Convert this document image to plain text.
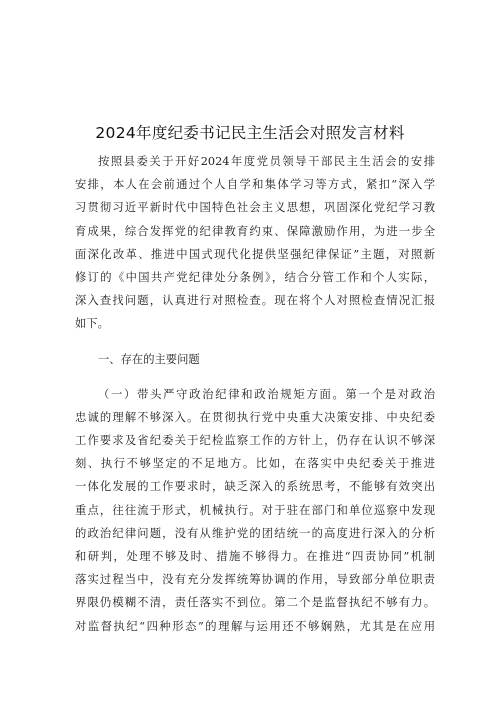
2024年度纪委书记民主生活会对照发言材料
按照县委关于开好2024年度党员领导干部民主生活会的安排
安排，本人在会前通过个人自学和集体学习等方式，紧扣“深入学
习贯彻习近平新时代中国特色社会主义思想，巩固深化党纪学习教
育成果，综合发挥党的纪律教育约束、保障激励作用，为进一步全
面深化改革、推进中国式现代化提供坚强纪律保证”主题，对照新
修订的《中国共产党纪律处分条例》，结合分管工作和个人实际，
深入查找问题，认真进行对照检查。现在将个人对照检查情况汇报
如下。
一、存在的主要问题
（一）带头严守政治纪律和政治规矩方面。第一个是对政治
忠诚的理解不够深入。在贯彻执行党中央重大决策安排、中央纪委
工作要求及省纪委关于纪检监察工作的方针上，仍存在认识不够深
刻、执行不够坚定的不足地方。比如，在落实中央纪委关于推进
一体化发展的工作要求时，缺乏深入的系统思考，不能够有效突出
重点，往往流于形式，机械执行。对于驻在部门和单位巡察中发现
的政治纪律问题，没有从维护党的团结统一的高度进行深入的分析
和研判，处理不够及时、措施不够得力。在推进“四责协同”机制
落实过程当中，没有充分发挥统筹协调的作用，导致部分单位职责
界限仍模糊不清，责任落实不到位。第二个是监督执纪不够有力。
对监督执纪“四种形态”的理解与运用还不够娴熟，尤其是在应用
